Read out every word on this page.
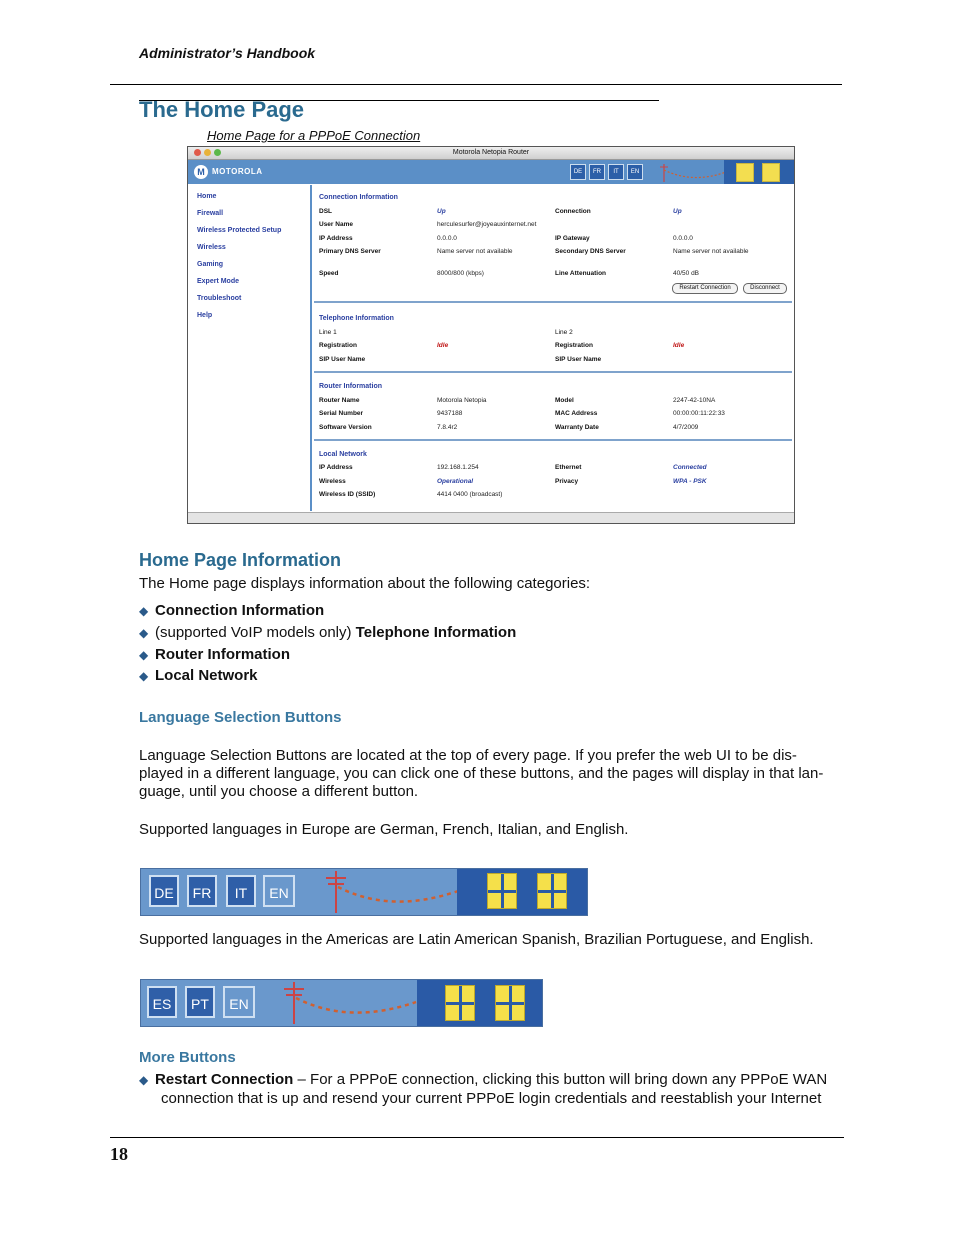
Administrator’s Handbook
The Home Page
Home Page for a PPPoE Connection
Motorola Netopia Router
M MOTOROLA	DE	FR	IT	EN
Home
Firewall
Wireless Protected Setup
Wireless
Gaming
Expert Mode
Troubleshoot
Help
Connection Information
DSL	Up	Connection	Up
User Name	herculesurfer@joyeauxinternet.net
IP Address	0.0.0.0	IP Gateway	0.0.0.0
Primary DNS Server	Name server not available	Secondary DNS Server	Name server not available
Speed	8000/800 (kbps)	Line Attenuation	40/50 dB
Restart Connection	Disconnect
Telephone Information
Line 1	Line 2
Registration	Idle	Registration	Idle
SIP User Name	SIP User Name
Router Information
Router Name	Motorola Netopia	Model	2247-42-10NA
Serial Number	9437188	MAC Address	00:00:00:11:22:33
Software Version	7.8.4r2	Warranty Date	4/7/2009
Local Network
IP Address	192.168.1.254	Ethernet	Connected
Wireless	Operational	Privacy	WPA - PSK
Wireless ID (SSID)	4414 0400 (broadcast)
Home Page Information
The Home page displays information about the following categories:
◆ Connection Information
◆ (supported VoIP models only) Telephone Information
◆ Router Information
◆ Local Network
Language Selection Buttons
Language Selection Buttons are located at the top of every page. If you prefer the web UI to be dis-
played in a different language, you can click one of these buttons, and the pages will display in that lan-
guage, until you choose a different button.
Supported languages in Europe are German, French, Italian, and English.
DE	FR	IT	EN
Supported languages in the Americas are Latin American Spanish, Brazilian Portuguese, and English.
ES	PT	EN
More Buttons
◆ Restart Connection – For a PPPoE connection, clicking this button will bring down any PPPoE WAN
connection that is up and resend your current PPPoE login credentials and reestablish your Internet
18
